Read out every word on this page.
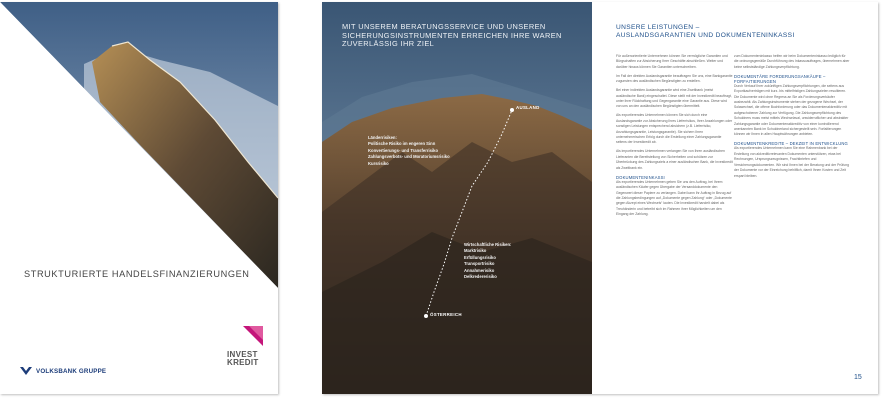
STRUKTURIERTE HANDELSFINANZIERUNGEN
VOLKSBANK GRUPPE
INVEST
KREDIT
MIT UNSEREM BERATUNGSSERVICE UND UNSEREN SICHERUNGSINSTRUMENTEN ERREICHEN IHRE WAREN ZUVERLÄSSIG IHR ZIEL
AUSLAND
ÖSTERREICH
Länderrisiken:
Politische Risiko im engeren Sinn
Konvertierungs- und Transferrisiko
Zahlungsverbots- und Moratoriumsrisiko
Kursrisiko
Wirtschaftliche Risiken:
Marktrisiko
Erfüllungsrisiko
Transportrisiko
Annahmerisiko
Delkredererisiko
UNSERE LEISTUNGEN –
AUSLANDSGARANTIEN UND DOKUMENTENINKASSI

Für außenorientierte Unternehmen können Sie vermögliche Garantien und Bürgschaften zur Absicherung Ihrer Geschäfte abschließen. Weiter und darüber hinaus können Sie Garantien unterschreiben.

Im Fall der direkten Auslandsgarantie beauftragen Sie uns, eine Bankgarantie zugunsten des ausländischen Begünstigten zu erstellen.

Bei einer indirekten Auslandsgarantie wird eine Zweitbank (meist ausländische Bank) eingeschaltet. Diese stellt mit der Investkredit beauftragt, unter ihrer Rückhaftung und Gegengarantie eine Garantie aus. Diese wird von uns an den ausländischen Begünstigten übermittelt.

Als exportierendes Unternehmen können Sie sich durch eine Auslandsgarantie zur Absicherung Ihres Lieferrisikos, Ihrer Anzahlungen oder sonstigen Leistungen entsprechend absichern (z.B. Lieferrisiko, Anzahlungsgarantie, Leistungsgarantie). Sie sichern Ihren unternehmerischen Erfolg durch die Erstellung einer Zahlungsgarantie seitens der Investkredit ab.

Als importierendes Unternehmen verlangen Sie von Ihren ausländischen Lieferanten die Bereitstellung von Sicherheiten und schützen zur Überbrückung des Zahlungsziels a einer ausländischen Bank, die Investkredit als Zweitbank ein.

DOKUMENTENINKASSI

Als exportierendes Unternehmen geben Sie uns den Auftrag, bei Ihrem ausländischen Käufer gegen Übergabe der Versanddokumente den Gegenwert dieser Papiere zu verlangen. Dabei kann Ihr Auftrag in Bezug auf die Zahlungsbedingungen auf „Dokumente gegen Zahlung“ oder „Dokumente gegen Akzept eines Wechsels“ lauten. Die Investkredit handelt dabei als Treuhänderin und betreibt sich im Rahmen ihrer Möglichkeiten um den Eingang der Zahlung.

zum Dokumenteninkasso helfen wir beim Dokumenteninkasso lediglich für die ordnungsgemäße Durchführung des Inkassoauftrages, übernehmen aber keine selbstständige Zahlungsverpflichtung.

DOKUMENTÄRE FORDERUNGSANKÄUFE – FORFAITIERUNGEN

Durch Verkauf Ihrer zukünftigen Zahlungsverpflichtungen, die seitens aus Exportkaufverträgen mit kurz- bis mittelfristigen Zahlungszielen resultieren. Die Dokumente wird ohne Regress an Sie als Forderungsverkäufer ausbezahlt. Als Zahlungsinstrumente stehen der gezogene Wechsel, der Solawechsel, die offene Buchforderung oder das Dokumentenakkreditiv mit aufgeschobener Zahlung zur Verfügung. Die Zahlungsverpflichtung des Schuldners muss meist mittels Wechselaval, unwiderruflicher und abstrakter Zahlungsgarantie oder Dokumentenakkreditiv von einer kontrollierend anerkannten Bank im Schuldnerland sichergestellt sein. Forfaitierungen können wir Ihnen in allen Hauptwährungen anbieten.

DOKUMENTENKREDITE – DEKZEIT IN ENTWICKLUNG

Als exportierendes Unternehmen kann Sie eine Rahmenbank bei der Erstellung von akkreditivrelevanten Dokumenten unterstützen, etwa bei Rechnungen, Ursprungszeugnissen, Frachtbriefen und Versicherungsdokumenten. Wir sind Ihnen bei der Beratung und der Prüfung der Dokumente vor der Einreichung behilflich, damit Ihnen Kosten und Zeit erspart bleiben.

15
